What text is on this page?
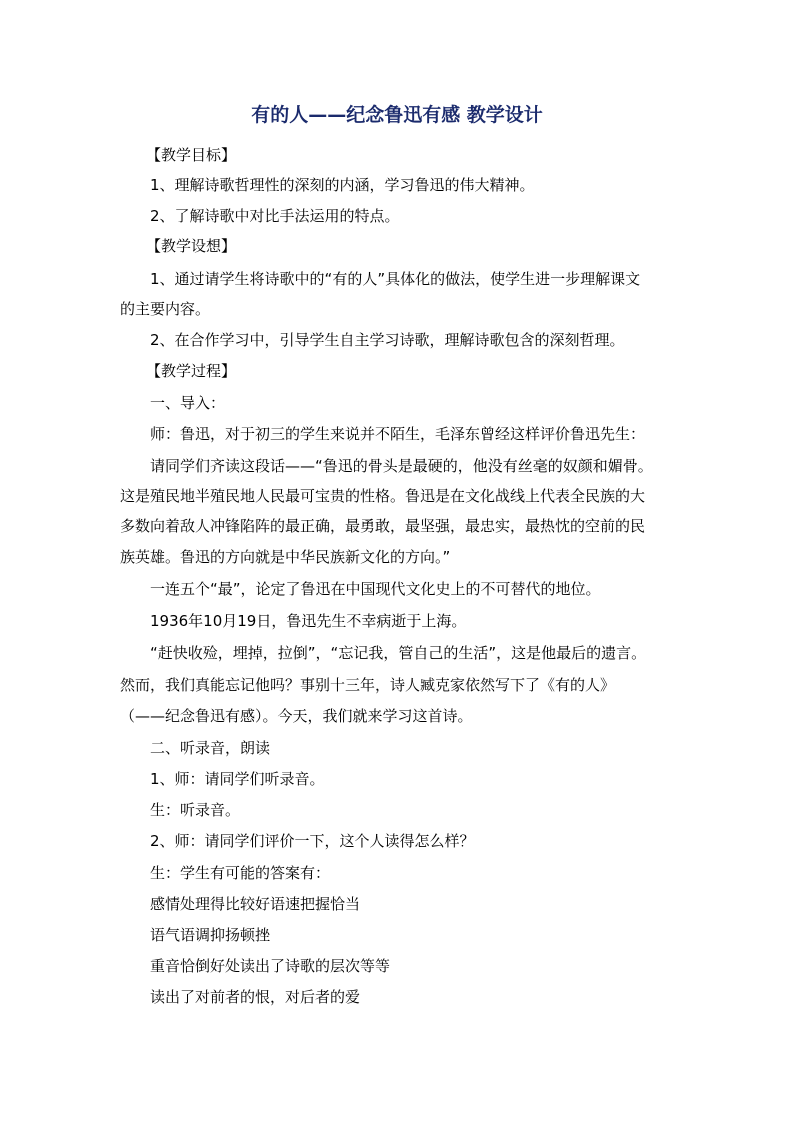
有的人——纪念鲁迅有感 教学设计
【教学目标】
1、理解诗歌哲理性的深刻的内涵，学习鲁迅的伟大精神。
2、了解诗歌中对比手法运用的特点。
【教学设想】
1、通过请学生将诗歌中的“有的人”具体化的做法，使学生进一步理解课文
的主要内容。
2、在合作学习中，引导学生自主学习诗歌，理解诗歌包含的深刻哲理。
【教学过程】
一、导入：
师：鲁迅，对于初三的学生来说并不陌生，毛泽东曾经这样评价鲁迅先生：
请同学们齐读这段话——“鲁迅的骨头是最硬的，他没有丝毫的奴颜和媚骨。
这是殖民地半殖民地人民最可宝贵的性格。鲁迅是在文化战线上代表全民族的大
多数向着敌人冲锋陷阵的最正确，最勇敢，最坚强，最忠实，最热忱的空前的民
族英雄。鲁迅的方向就是中华民族新文化的方向。”
一连五个“最”，论定了鲁迅在中国现代文化史上的不可替代的地位。
1936年10月19日，鲁迅先生不幸病逝于上海。
“赶快收殓，埋掉，拉倒”，“忘记我，管自己的生活”，这是他最后的遗言。
然而，我们真能忘记他吗？事别十三年，诗人臧克家依然写下了《有的人》
（——纪念鲁迅有感）。今天，我们就来学习这首诗。
二、听录音，朗读
1、师：请同学们听录音。
生：听录音。
2、师：请同学们评价一下，这个人读得怎么样？
生：学生有可能的答案有：
感情处理得比较好语速把握恰当
语气语调抑扬顿挫
重音恰倒好处读出了诗歌的层次等等
读出了对前者的恨，对后者的爱
